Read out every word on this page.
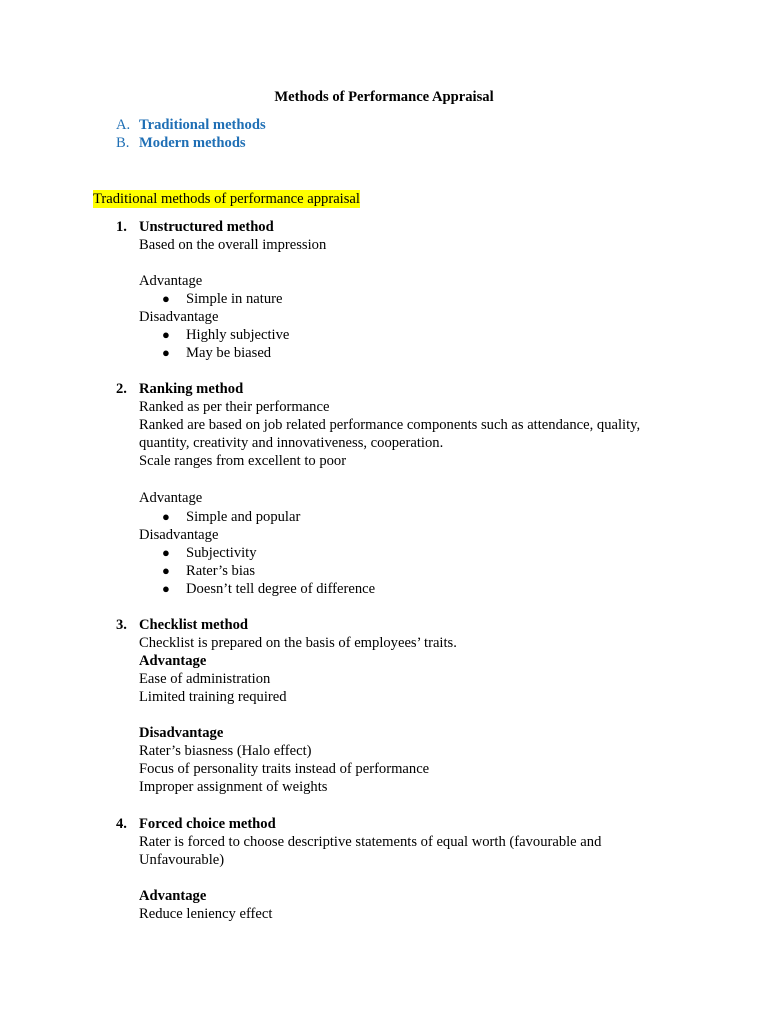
Methods of Performance Appraisal
A. Traditional methods
B. Modern methods
Traditional methods of performance appraisal
1. Unstructured method
Based on the overall impression
Advantage
● Simple in nature
Disadvantage
● Highly subjective
● May be biased
2. Ranking method
Ranked as per their performance
Ranked are based on job related performance components such as attendance, quality,
quantity, creativity and innovativeness, cooperation.
Scale ranges from excellent to poor
Advantage
● Simple and popular
Disadvantage
● Subjectivity
● Rater’s bias
● Doesn’t tell degree of difference
3. Checklist method
Checklist is prepared on the basis of employees’ traits.
Advantage
Ease of administration
Limited training required
Disadvantage
Rater’s biasness (Halo effect)
Focus of personality traits instead of performance
Improper assignment of weights
4. Forced choice method
Rater is forced to choose descriptive statements of equal worth (favourable and
Unfavourable)
Advantage
Reduce leniency effect
